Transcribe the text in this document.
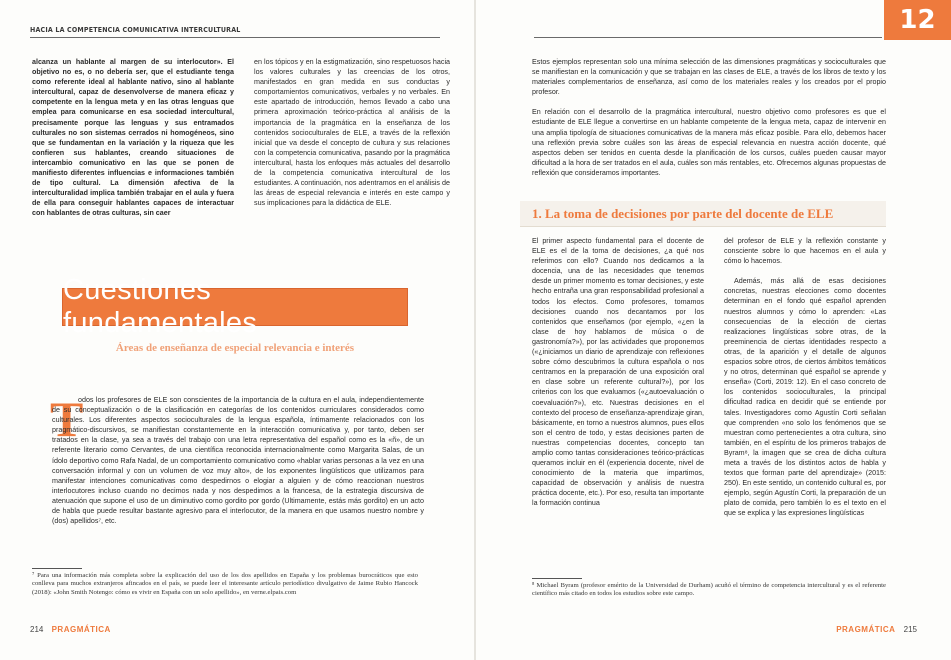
HACIA LA COMPETENCIA COMUNICATIVA INTERCULTURAL

alcanza un hablante al margen de su interlocutor». El objetivo no es, o no debería ser, que el estudiante tenga como referente ideal al hablante nativo, sino al hablante intercultural, capaz de desenvolverse de manera eficaz y competente en la lengua meta y en las otras lenguas que emplea para comunicarse en esa sociedad intercultural, precisamente porque las lenguas y sus entramados culturales no son sistemas cerrados ni homogéneos, sino que se fundamentan en la variación y la riqueza que les confieren sus hablantes, creando situaciones de intercambio comunicativo en las que se ponen de manifiesto diferentes influencias e informaciones también de tipo cultural. La dimensión afectiva de la interculturalidad implica también trabajar en el aula y fuera de ella para conseguir hablantes capaces de interactuar con hablantes de otras culturas, sin caer

en los tópicos y en la estigmatización, sino respetuosos hacia los valores culturales y las creencias de los otros, manifestados en gran medida en sus conductas y comportamientos comunicativos, verbales y no verbales. En este apartado de introducción, hemos llevado a cabo una primera aproximación teórico-práctica al análisis de la importancia de la pragmática en la enseñanza de los contenidos socioculturales de ELE, a través de la reflexión inicial que va desde el concepto de cultura y sus relaciones con la competencia comunicativa, pasando por la pragmática intercultural, hasta los enfoques más actuales del desarrollo de la competencia comunicativa intercultural de los estudiantes. A continuación, nos adentramos en el análisis de las áreas de especial relevancia e interés en este campo y sus implicaciones para la didáctica de ELE.

Cuestiones fundamentales
Áreas de enseñanza de especial relevancia e interés
T
odos los profesores de ELE son conscientes de la importancia de la cultura en el aula, independientemente de su conceptualización o de la clasificación en categorías de los contenidos curriculares considerados como culturales. Los diferentes aspectos socioculturales de la lengua española, íntimamente relacionados con los pragmático-discursivos, se manifiestan constantemente en la interacción comunicativa y, por tanto, deben ser tratados en la clase, ya sea a través del trabajo con una letra representativa del español como es la «ñ», de un referente literario como Cervantes, de una científica reconocida internacionalmente como Margarita Salas, de un ídolo deportivo como Rafa Nadal, de un comportamiento comunicativo como «hablar varias personas a la vez en una conversación informal y con un volumen de voz muy alto», de los exponentes lingüísticos que utilizamos para manifestar intenciones comunicativas como despedirnos o elogiar a alguien y de cómo reaccionan nuestros interlocutores incluso cuando no decimos nada y nos despedimos a la francesa, de la estrategia discursiva de atenuación que supone el uso de un diminutivo como gordito por gordo (Ultimamente, estás más gordito) en un acto de habla que puede resultar bastante agresivo para el interlocutor, de la manera en que usamos nuestro nombre y (dos) apellidos⁷, etc.
⁷ Para una información más completa sobre la explicación del uso de los dos apellidos en España y los problemas burocráticos que esto conlleva para muchos extranjeros afincados en el país, se puede leer el interesante artículo periodístico divulgativo de Jaime Rubio Hancock (2018): «John Smith Notengo: cómo es vivir en España con un solo apellido», en verne.elpais.com
214 PRAGMÁTICA
12

Estos ejemplos representan solo una mínima selección de las dimensiones pragmáticas y socioculturales que se manifiestan en la comunicación y que se trabajan en las clases de ELE, a través de los libros de texto y los materiales complementarios de enseñanza, así como de los materiales reales y los creados por el propio profesor.

En relación con el desarrollo de la pragmática intercultural, nuestro objetivo como profesores es que el estudiante de ELE llegue a convertirse en un hablante competente de la lengua meta, capaz de intervenir en una amplia tipología de situaciones comunicativas de la manera más eficaz posible. Para ello, debemos hacer una reflexión previa sobre cuáles son las áreas de especial relevancia en nuestra acción docente, qué aspectos deben ser tenidos en cuenta desde la planificación de los cursos, cuáles pueden causar mayor dificultad a la hora de ser tratados en el aula, cuáles son más rentables, etc. Ofrecemos algunas propuestas de reflexión que consideramos importantes.

1. La toma de decisiones por parte del docente de ELE

El primer aspecto fundamental para el docente de ELE es el de la toma de decisiones, ¿a qué nos referimos con ello? Cuando nos dedicamos a la docencia, una de las necesidades que tenemos desde un primer momento es tomar decisiones, y este hecho entraña una gran responsabilidad profesional a todos los efectos. Como profesores, tomamos decisiones cuando nos decantamos por los contenidos que enseñamos (por ejemplo, «¿en la clase de hoy hablamos de música o de gastronomía?»), por las actividades que proponemos («¿iniciamos un diario de aprendizaje con reflexiones sobre cómo descubrimos la cultura española o nos centramos en la preparación de una exposición oral en clase sobre un referente cultural?»), por los criterios con los que evaluamos («¿autoevaluación o coevaluación?»), etc. Nuestras decisiones en el contexto del proceso de enseñanza-aprendizaje giran, básicamente, en torno a nuestros alumnos, pues ellos son el centro de todo, y estas decisiones parten de nuestras competencias docentes, concepto tan amplio como tantas consideraciones teórico-prácticas queramos incluir en él (experiencia docente, nivel de conocimiento de la materia que impartimos, capacidad de observación y análisis de nuestra práctica docente, etc.). Por eso, resulta tan importante la formación continua

del profesor de ELE y la reflexión constante y consciente sobre lo que hacemos en el aula y cómo lo hacemos.

Además, más allá de esas decisiones concretas, nuestras elecciones como docentes determinan en el fondo qué español aprenden nuestros alumnos y cómo lo aprenden: «Las consecuencias de la elección de ciertas realizaciones lingüísticas sobre otras, de la preeminencia de ciertas identidades respecto a otras, de la aparición y el detalle de algunos espacios sobre otros, de ciertos ámbitos temáticos y no otros, determinan qué español se aprende y enseña» (Corti, 2019: 12). En el caso concreto de los contenidos socioculturales, la principal dificultad radica en decidir qué se entiende por tales. Investigadores como Agustín Corti señalan que comprenden «no solo los fenómenos que se muestran como pertenecientes a otra cultura, sino también, en el espíritu de los primeros trabajos de Byram⁸, la imagen que se crea de dicha cultura meta a través de los distintos actos de habla y textos que forman parte del aprendizaje» (2015: 250). En este sentido, un contenido cultural es, por ejemplo, según Agustín Corti, la preparación de un plato de comida, pero también lo es el texto en el que se explica y las expresiones lingüísticas

⁸ Michael Byram (profesor emérito de la Universidad de Durham) acuñó el término de competencia intercultural y es el referente científico más citado en todos los estudios sobre este campo.
PRAGMÁTICA 215
